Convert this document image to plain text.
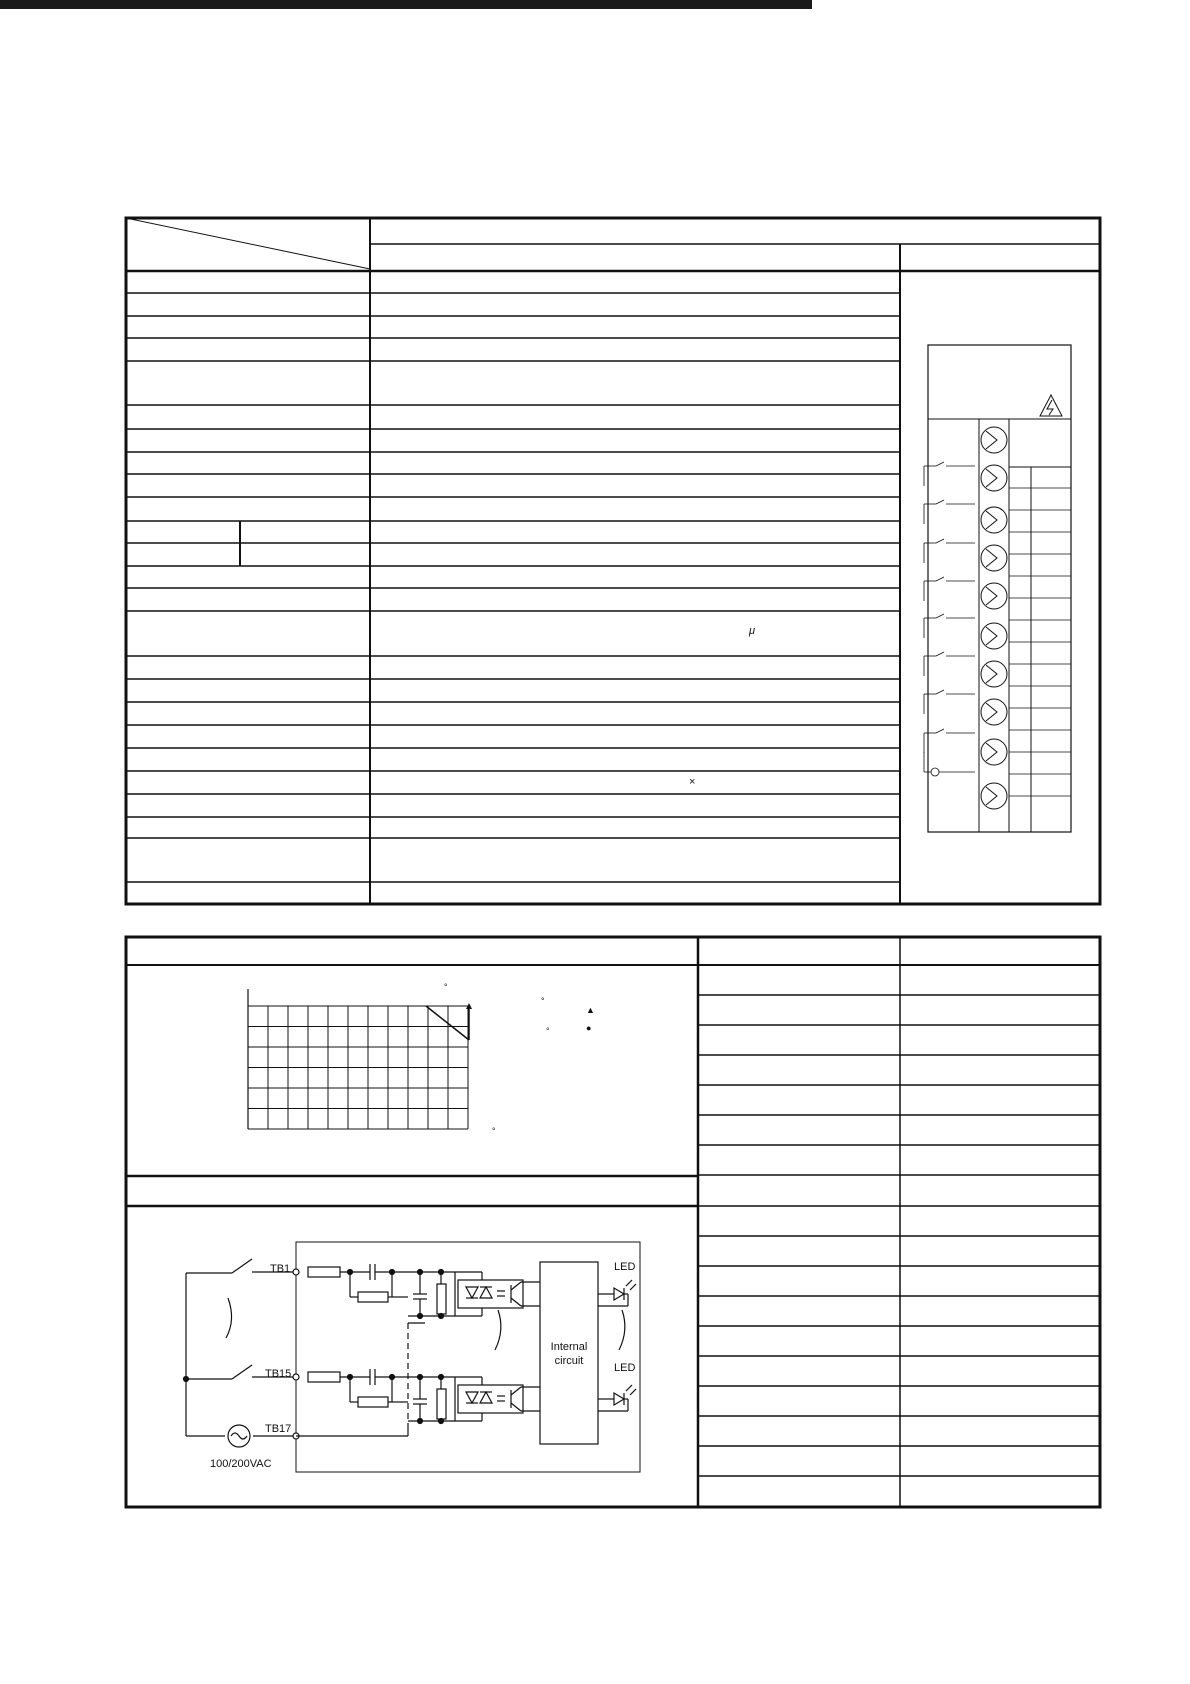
μ
×
°
°
°
°
▲
●
TB1
TB15
TB17
LED
LED
Internal
circuit
100/200VAC
